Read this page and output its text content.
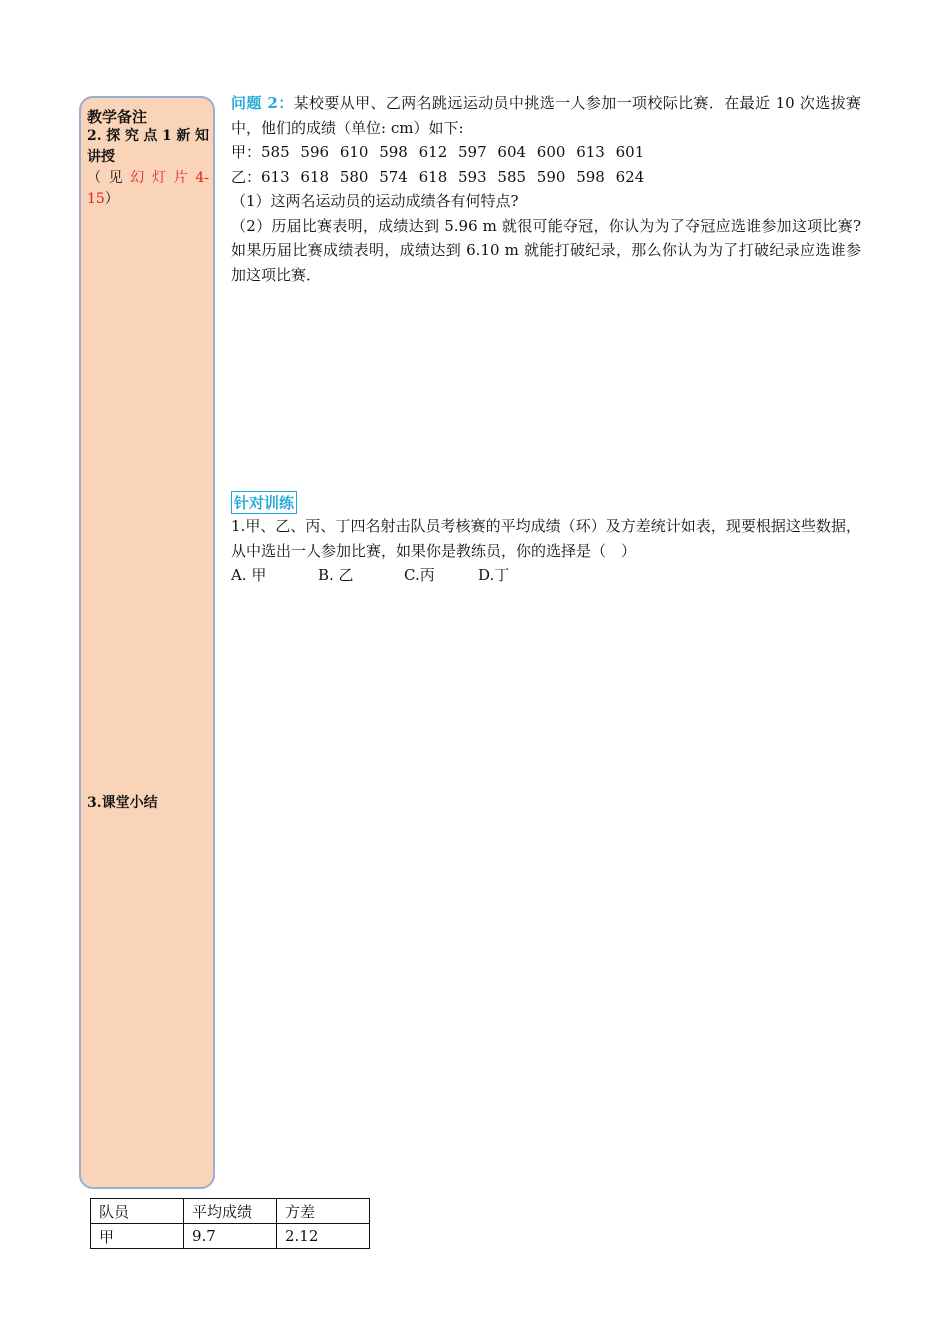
教学备注
2. 探 究 点 1 新 知
讲授
（ 见 幻 灯 片 4-
15）
3.课堂小结

问题 2：某校要从甲、乙两名跳远运动员中挑选一人参加一项校际比赛．在最近 10 次选拔赛中，他们的成绩（单位: cm）如下:

甲：585 596 610 598 612 597 604 600 613 601

乙：613 618 580 574 618 593 585 590 598 624

（1）这两名运动员的运动成绩各有何特点?

（2）历届比赛表明，成绩达到 5.96 m 就很可能夺冠，你认为为了夺冠应选谁参加这项比赛? 如果历届比赛成绩表明，成绩达到 6.10 m 就能打破纪录，那么你认为为了打破纪录应选谁参加这项比赛．

针对训练

1.甲、乙、丙、丁四名射击队员考核赛的平均成绩（环）及方差统计如表，现要根据这些数据，从中选出一人参加比赛，如果你是教练员，你的选择是（　）

A. 甲	B. 乙	C.丙	D.丁

队员	平均成绩	方差
甲	9.7	2.12
